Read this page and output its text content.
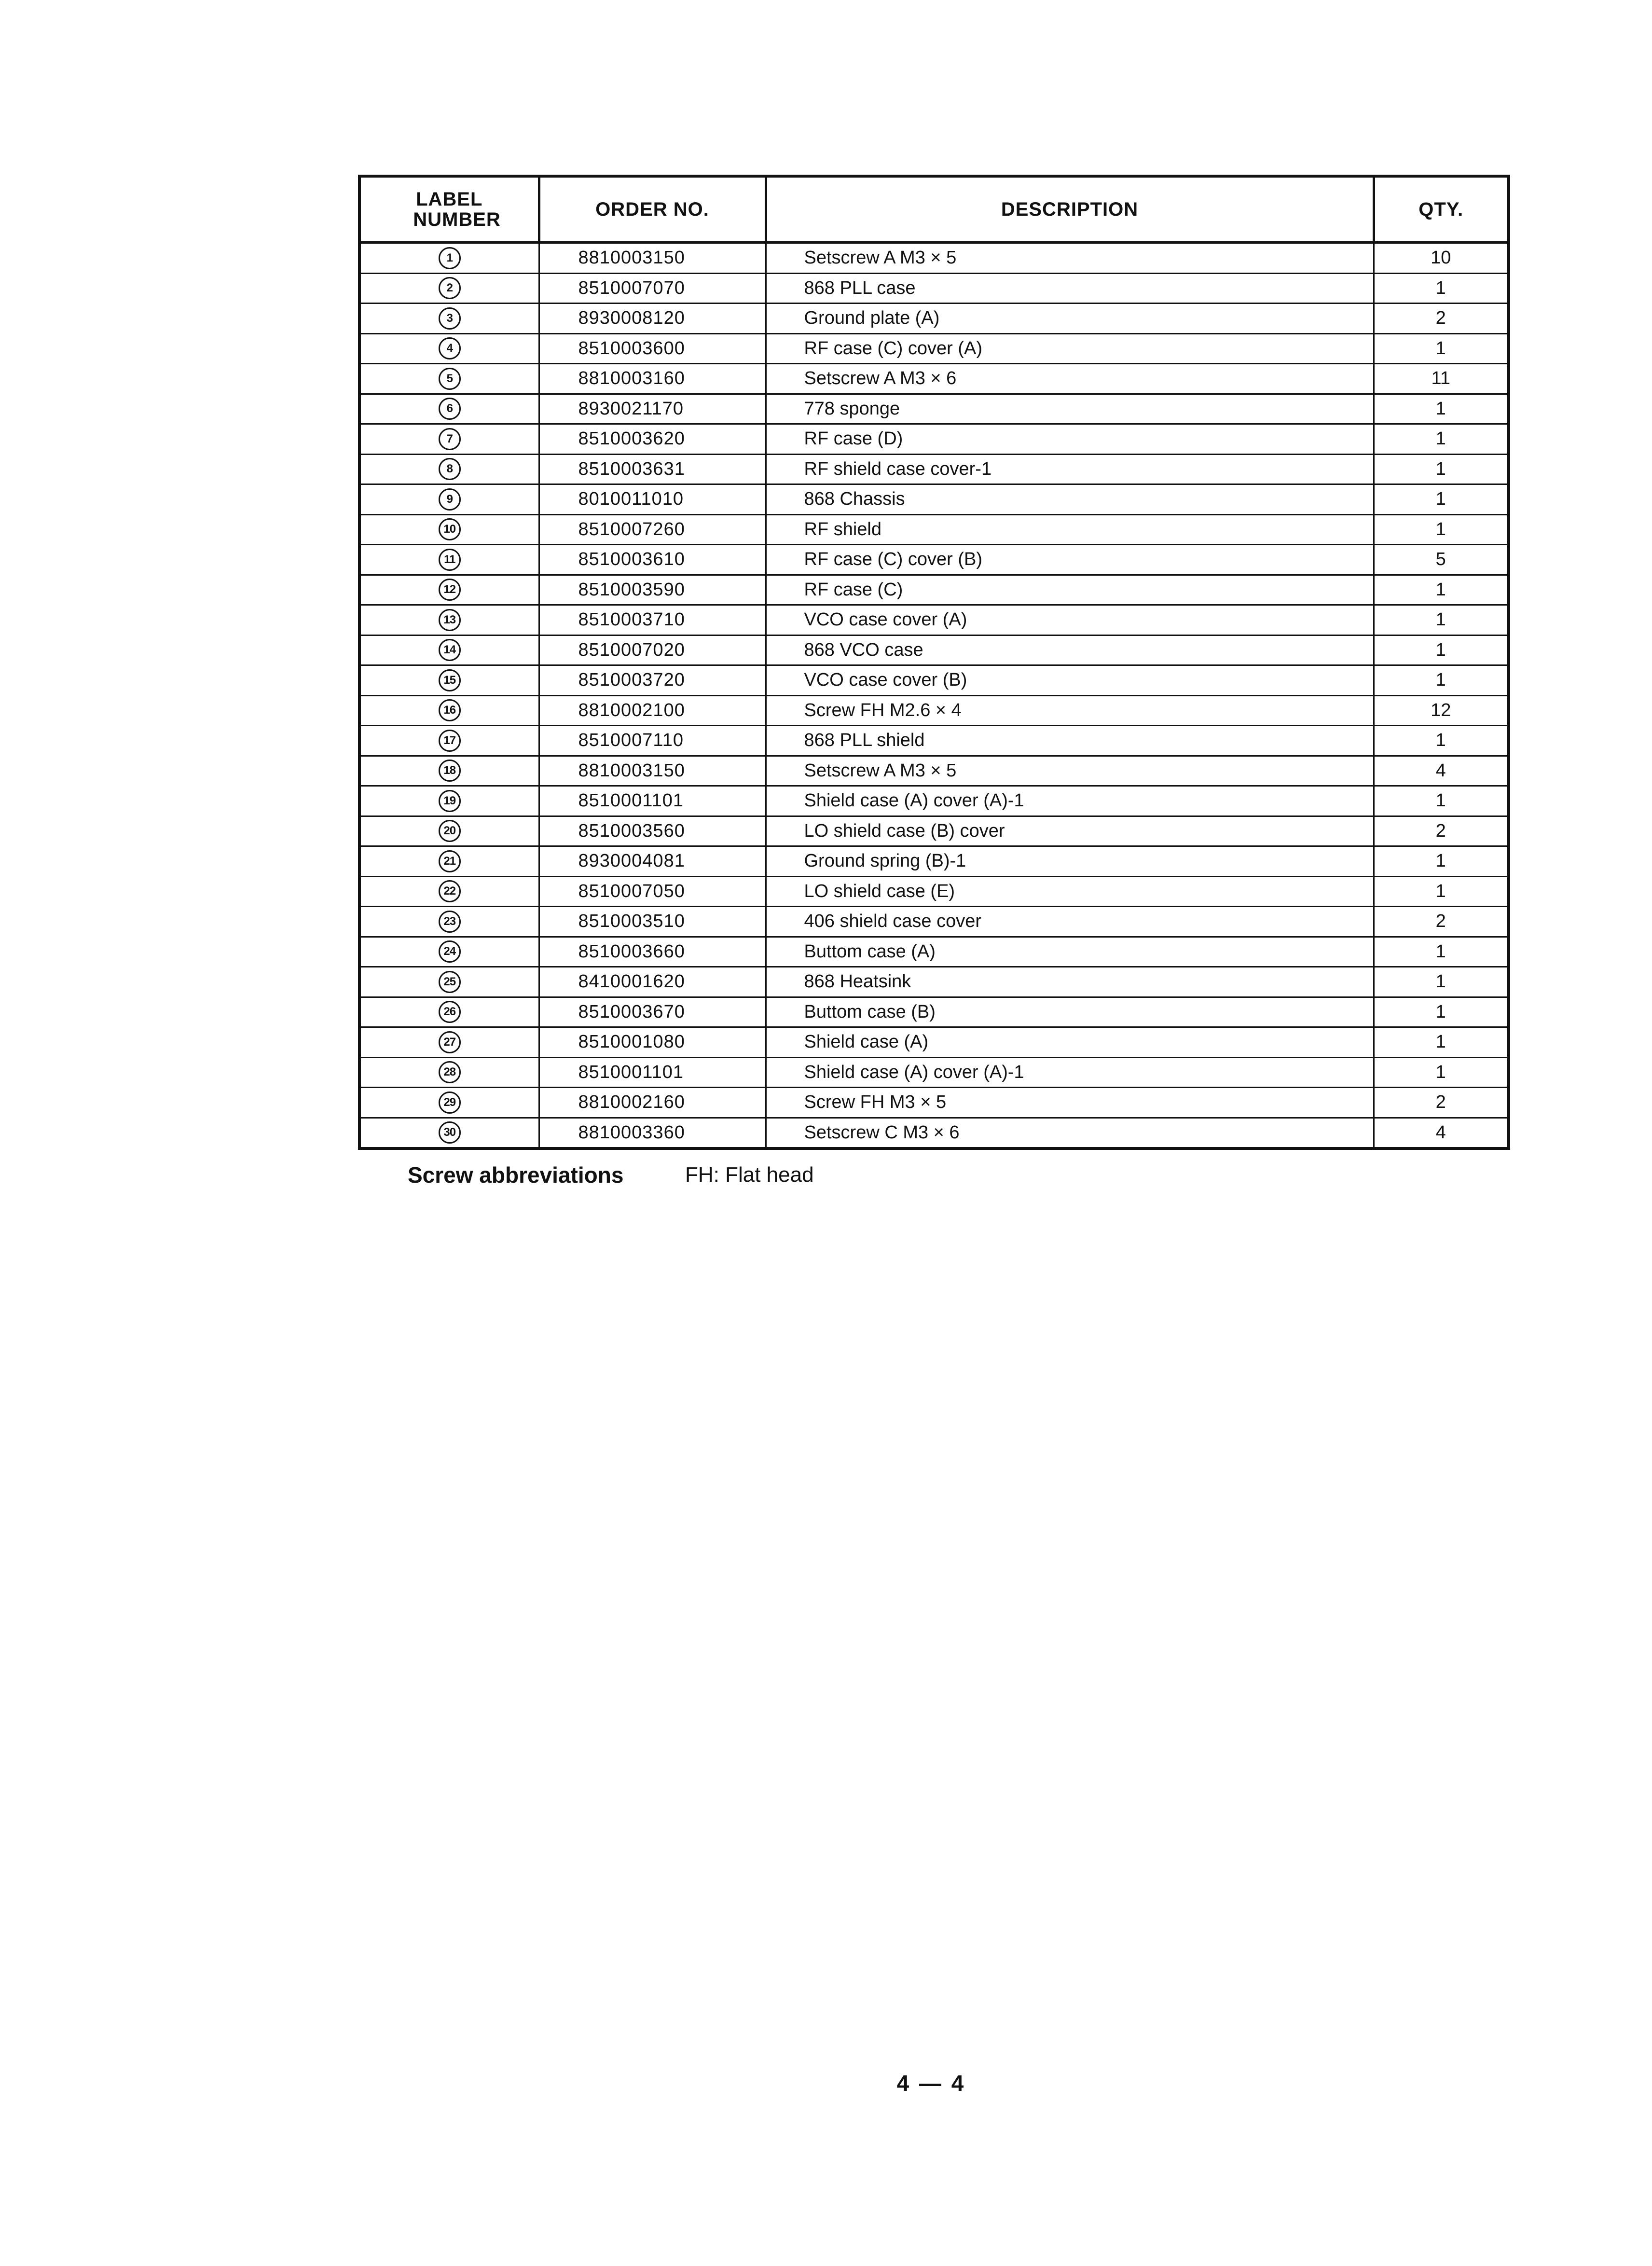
LABEL NUMBER	ORDER NO.	DESCRIPTION	QTY.
1	8810003150	Setscrew A M3 × 5	10
2	8510007070	868 PLL case	1
3	8930008120	Ground plate (A)	2
4	8510003600	RF case (C) cover (A)	1
5	8810003160	Setscrew A M3 × 6	11
6	8930021170	778 sponge	1
7	8510003620	RF case (D)	1
8	8510003631	RF shield case cover-1	1
9	8010011010	868 Chassis	1
10	8510007260	RF shield	1
11	8510003610	RF case (C) cover (B)	5
12	8510003590	RF case (C)	1
13	8510003710	VCO case cover (A)	1
14	8510007020	868 VCO case	1
15	8510003720	VCO case cover (B)	1
16	8810002100	Screw FH M2.6 × 4	12
17	8510007110	868 PLL shield	1
18	8810003150	Setscrew A M3 × 5	4
19	8510001101	Shield case (A) cover (A)-1	1
20	8510003560	LO shield case (B) cover	2
21	8930004081	Ground spring (B)-1	1
22	8510007050	LO shield case (E)	1
23	8510003510	406 shield case cover	2
24	8510003660	Buttom case (A)	1
25	8410001620	868 Heatsink	1
26	8510003670	Buttom case (B)	1
27	8510001080	Shield case (A)	1
28	8510001101	Shield case (A) cover (A)-1	1
29	8810002160	Screw FH M3 × 5	2
30	8810003360	Setscrew C M3 × 6	4
Screw abbreviations	FH: Flat head
4 — 4
